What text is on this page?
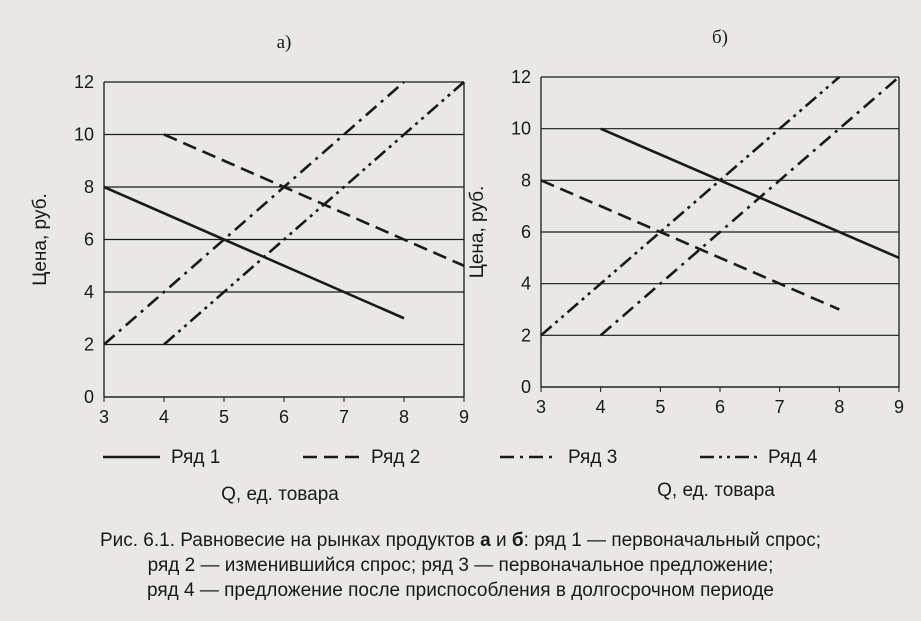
0
2
4
6
8
10
12
3	4	5	6	7	8	9
а)
Цена, руб.
Q, ед. товара
0
2
4
6
8
10
12
3	4	5	6	7	8	9
б)
Цена, руб.
Q, ед. товара
Ряд 1	Ряд 2	Ряд 3	Ряд 4
Рис. 6.1. Равновесие на рынках продуктов а и б: ряд 1 — первоначальный спрос;
ряд 2 — изменившийся спрос; ряд 3 — первоначальное предложение;
ряд 4 — предложение после приспособления в долгосрочном периоде
